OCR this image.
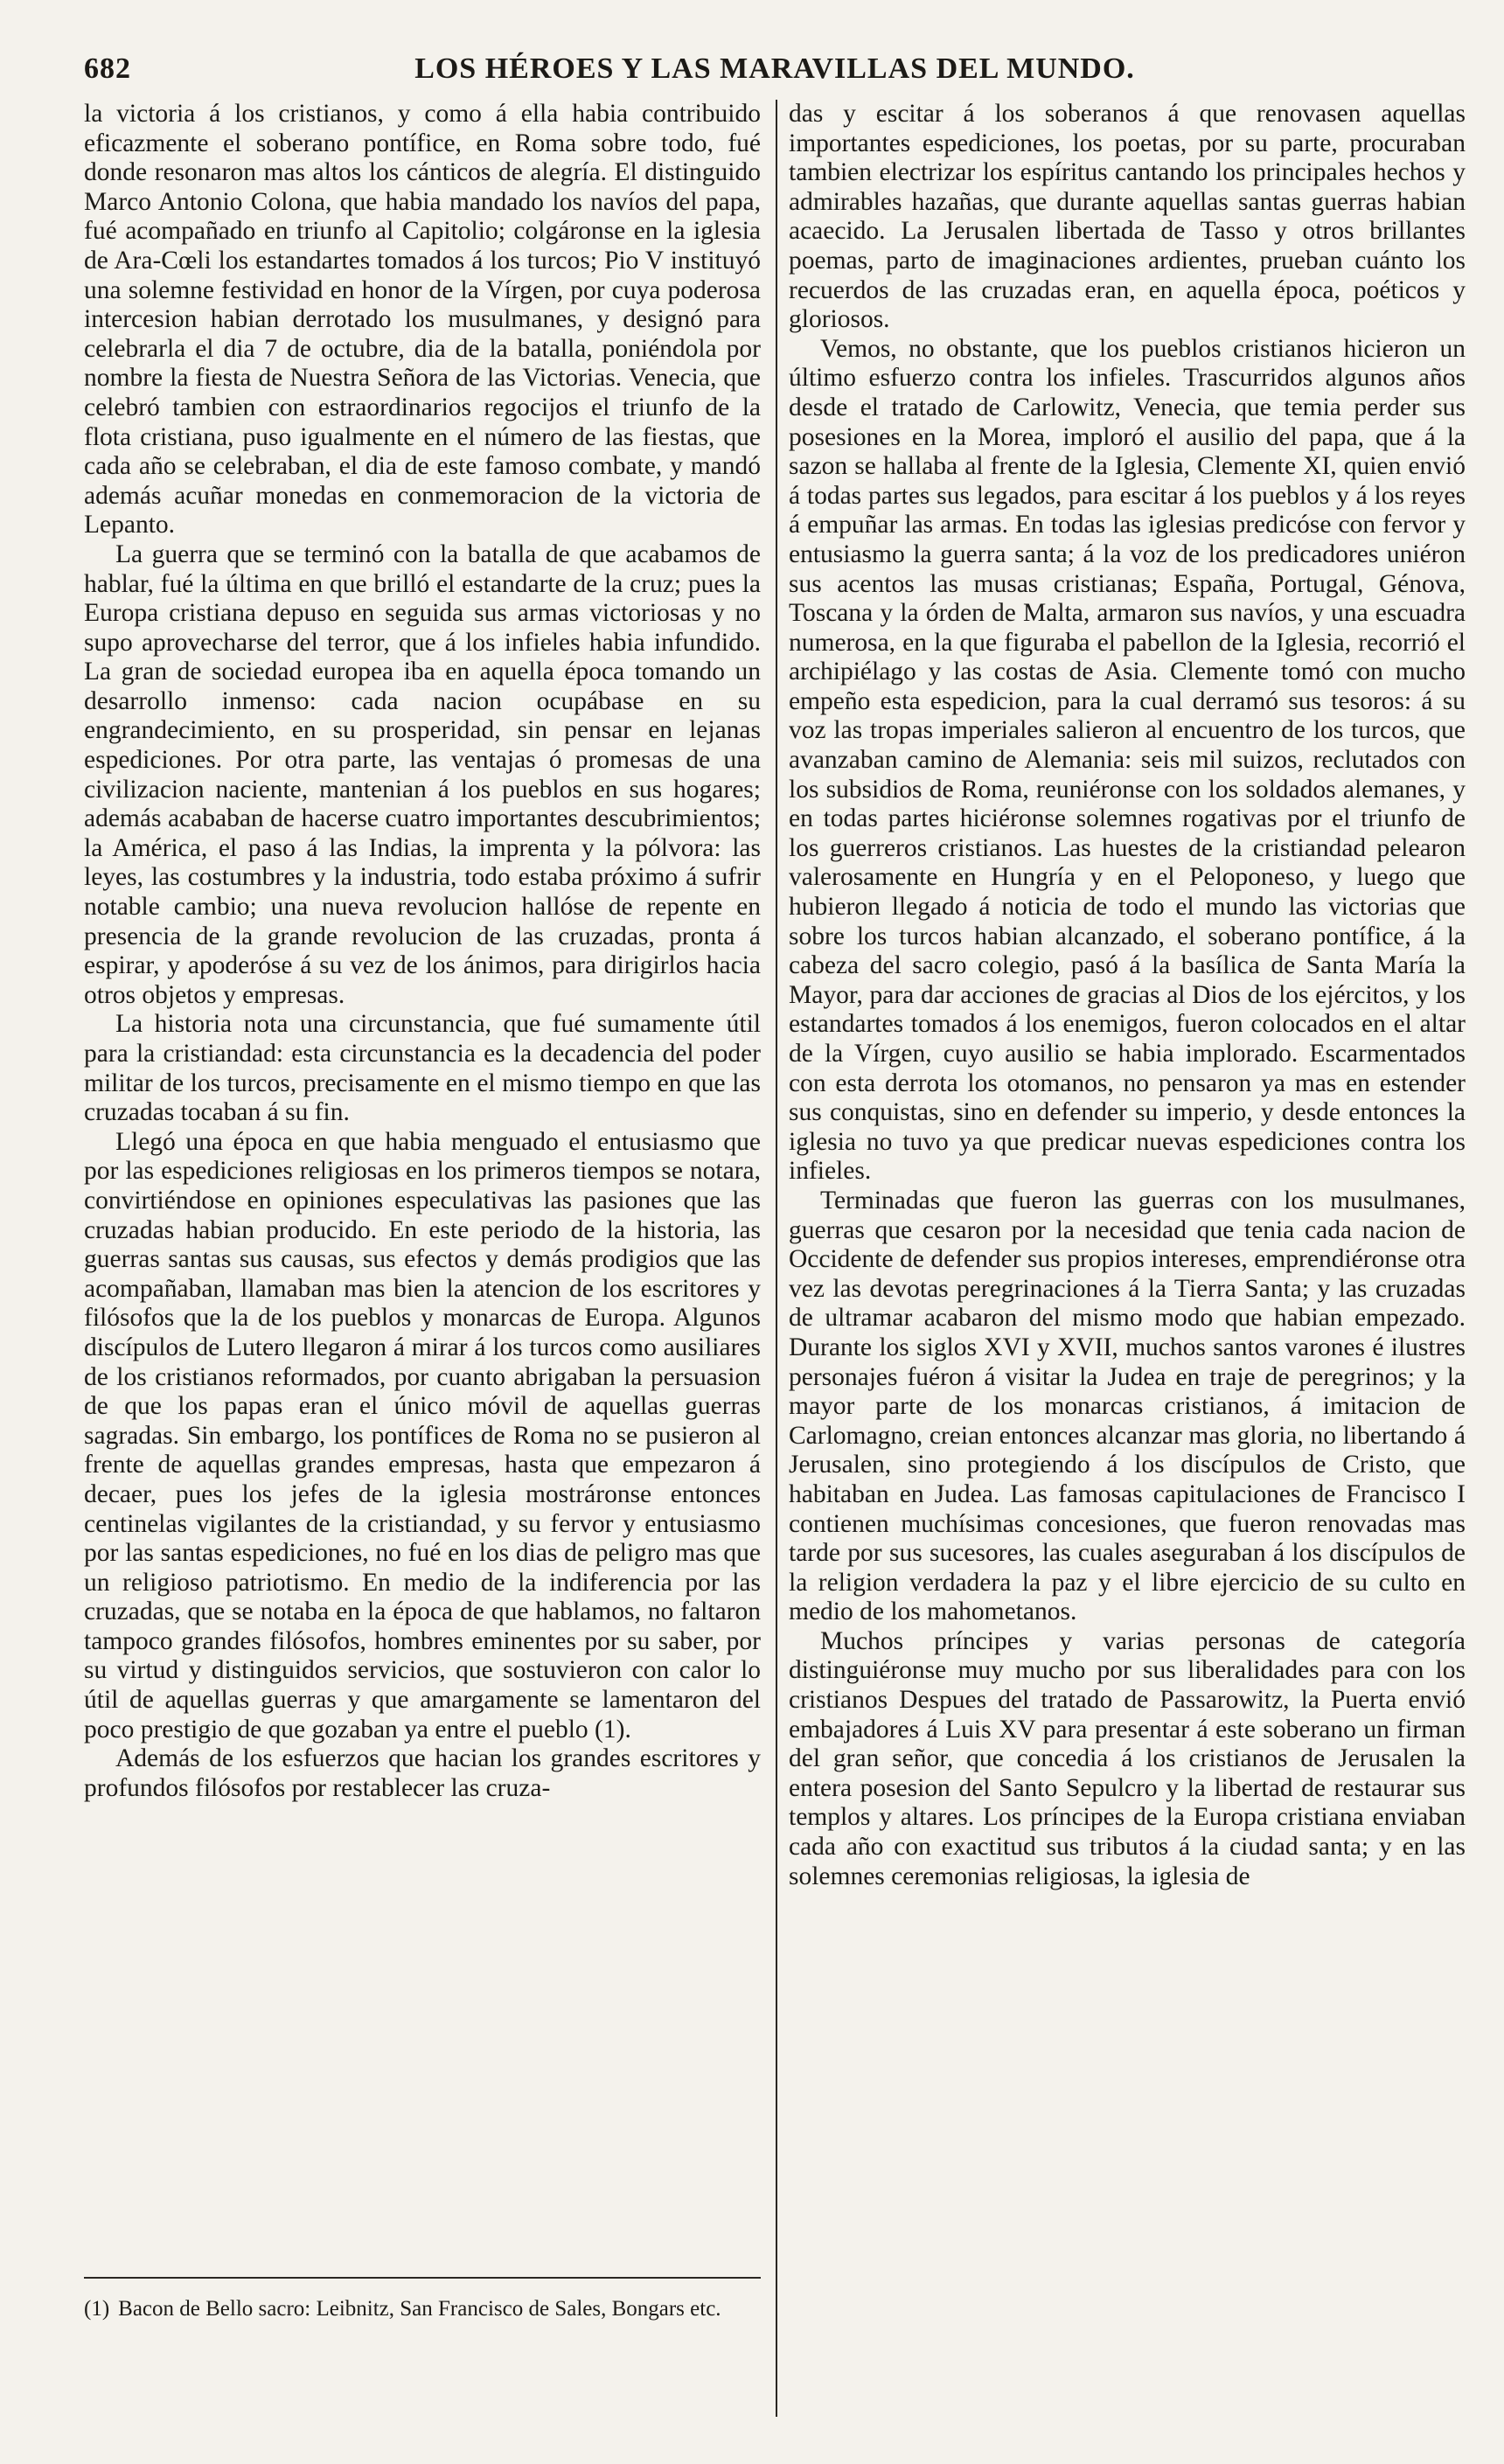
682	LOS HÉROES Y LAS MARAVILLAS DEL MUNDO.

la victoria á los cristianos, y como á ella habia contribuido eficazmente el soberano pontífice, en Roma sobre todo, fué donde resonaron mas altos los cánticos de alegría. El distinguido Marco Antonio Colona, que habia mandado los navíos del papa, fué acompañado en triunfo al Capitolio; colgáronse en la iglesia de Ara-Cœli los estandartes tomados á los turcos; Pio V instituyó una solemne festividad en honor de la Vírgen, por cuya poderosa intercesion habian derrotado los musulmanes, y designó para celebrarla el dia 7 de octubre, dia de la batalla, poniéndola por nombre la fiesta de Nuestra Señora de las Victorias. Venecia, que celebró tambien con estraordinarios regocijos el triunfo de la flota cristiana, puso igualmente en el número de las fiestas, que cada año se celebraban, el dia de este famoso combate, y mandó además acuñar monedas en conmemoracion de la victoria de Lepanto.

La guerra que se terminó con la batalla de que acabamos de hablar, fué la última en que brilló el estandarte de la cruz; pues la Europa cristiana depuso en seguida sus armas victoriosas y no supo aprovecharse del terror, que á los infieles habia infundido. La gran de sociedad europea iba en aquella época tomando un desarrollo inmenso: cada nacion ocupábase en su engrandecimiento, en su prosperidad, sin pensar en lejanas espediciones. Por otra parte, las ventajas ó promesas de una civilizacion naciente, mantenian á los pueblos en sus hogares; además acababan de hacerse cuatro importantes descubrimientos; la América, el paso á las Indias, la imprenta y la pólvora: las leyes, las costumbres y la industria, todo estaba próximo á sufrir notable cambio; una nueva revolucion hallóse de repente en presencia de la grande revolucion de las cruzadas, pronta á espirar, y apoderóse á su vez de los ánimos, para dirigirlos hacia otros objetos y empresas.

La historia nota una circunstancia, que fué sumamente útil para la cristiandad: esta circunstancia es la decadencia del poder militar de los turcos, precisamente en el mismo tiempo en que las cruzadas tocaban á su fin.

Llegó una época en que habia menguado el entusiasmo que por las espediciones religiosas en los primeros tiempos se notara, convirtiéndose en opiniones especulativas las pasiones que las cruzadas habian producido. En este periodo de la historia, las guerras santas sus causas, sus efectos y demás prodigios que las acompañaban, llamaban mas bien la atencion de los escritores y filósofos que la de los pueblos y monarcas de Europa. Algunos discípulos de Lutero llegaron á mirar á los turcos como ausiliares de los cristianos reformados, por cuanto abrigaban la persuasion de que los papas eran el único móvil de aquellas guerras sagradas. Sin embargo, los pontífices de Roma no se pusieron al frente de aquellas grandes empresas, hasta que empezaron á decaer, pues los jefes de la iglesia mostráronse entonces centinelas vigilantes de la cristiandad, y su fervor y entusiasmo por las santas espediciones, no fué en los dias de peligro mas que un religioso patriotismo. En medio de la indiferencia por las cruzadas, que se notaba en la época de que hablamos, no faltaron tampoco grandes filósofos, hombres eminentes por su saber, por su virtud y distinguidos servicios, que sostuvieron con calor lo útil de aquellas guerras y que amargamente se lamentaron del poco prestigio de que gozaban ya entre el pueblo (1).

Además de los esfuerzos que hacian los grandes escritores y profundos filósofos por restablecer las cruza-

das y escitar á los soberanos á que renovasen aquellas importantes espediciones, los poetas, por su parte, procuraban tambien electrizar los espíritus cantando los principales hechos y admirables hazañas, que durante aquellas santas guerras habian acaecido. La Jerusalen libertada de Tasso y otros brillantes poemas, parto de imaginaciones ardientes, prueban cuánto los recuerdos de las cruzadas eran, en aquella época, poéticos y gloriosos.

Vemos, no obstante, que los pueblos cristianos hicieron un último esfuerzo contra los infieles. Trascurridos algunos años desde el tratado de Carlowitz, Venecia, que temia perder sus posesiones en la Morea, imploró el ausilio del papa, que á la sazon se hallaba al frente de la Iglesia, Clemente XI, quien envió á todas partes sus legados, para escitar á los pueblos y á los reyes á empuñar las armas. En todas las iglesias predicóse con fervor y entusiasmo la guerra santa; á la voz de los predicadores uniéron sus acentos las musas cristianas; España, Portugal, Génova, Toscana y la órden de Malta, armaron sus navíos, y una escuadra numerosa, en la que figuraba el pabellon de la Iglesia, recorrió el archipiélago y las costas de Asia. Clemente tomó con mucho empeño esta espedicion, para la cual derramó sus tesoros: á su voz las tropas imperiales salieron al encuentro de los turcos, que avanzaban camino de Alemania: seis mil suizos, reclutados con los subsidios de Roma, reuniéronse con los soldados alemanes, y en todas partes hiciéronse solemnes rogativas por el triunfo de los guerreros cristianos. Las huestes de la cristiandad pelearon valerosamente en Hungría y en el Peloponeso, y luego que hubieron llegado á noticia de todo el mundo las victorias que sobre los turcos habian alcanzado, el soberano pontífice, á la cabeza del sacro colegio, pasó á la basílica de Santa María la Mayor, para dar acciones de gracias al Dios de los ejércitos, y los estandartes tomados á los enemigos, fueron colocados en el altar de la Vírgen, cuyo ausilio se habia implorado. Escarmentados con esta derrota los otomanos, no pensaron ya mas en estender sus conquistas, sino en defender su imperio, y desde entonces la iglesia no tuvo ya que predicar nuevas espediciones contra los infieles.

Terminadas que fueron las guerras con los musulmanes, guerras que cesaron por la necesidad que tenia cada nacion de Occidente de defender sus propios intereses, emprendiéronse otra vez las devotas peregrinaciones á la Tierra Santa; y las cruzadas de ultramar acabaron del mismo modo que habian empezado. Durante los siglos XVI y XVII, muchos santos varones é ilustres personajes fuéron á visitar la Judea en traje de peregrinos; y la mayor parte de los monarcas cristianos, á imitacion de Carlomagno, creian entonces alcanzar mas gloria, no libertando á Jerusalen, sino protegiendo á los discípulos de Cristo, que habitaban en Judea. Las famosas capitulaciones de Francisco I contienen muchísimas concesiones, que fueron renovadas mas tarde por sus sucesores, las cuales aseguraban á los discípulos de la religion verdadera la paz y el libre ejercicio de su culto en medio de los mahometanos.

Muchos príncipes y varias personas de categoría distinguiéronse muy mucho por sus liberalidades para con los cristianos Despues del tratado de Passarowitz, la Puerta envió embajadores á Luis XV para presentar á este soberano un firman del gran señor, que concedia á los cristianos de Jerusalen la entera posesion del Santo Sepulcro y la libertad de restaurar sus templos y altares. Los príncipes de la Europa cristiana enviaban cada año con exactitud sus tributos á la ciudad santa; y en las solemnes ceremonias religiosas, la iglesia de

(1) Bacon de Bello sacro: Leibnitz, San Francisco de Sales, Bongars etc.
